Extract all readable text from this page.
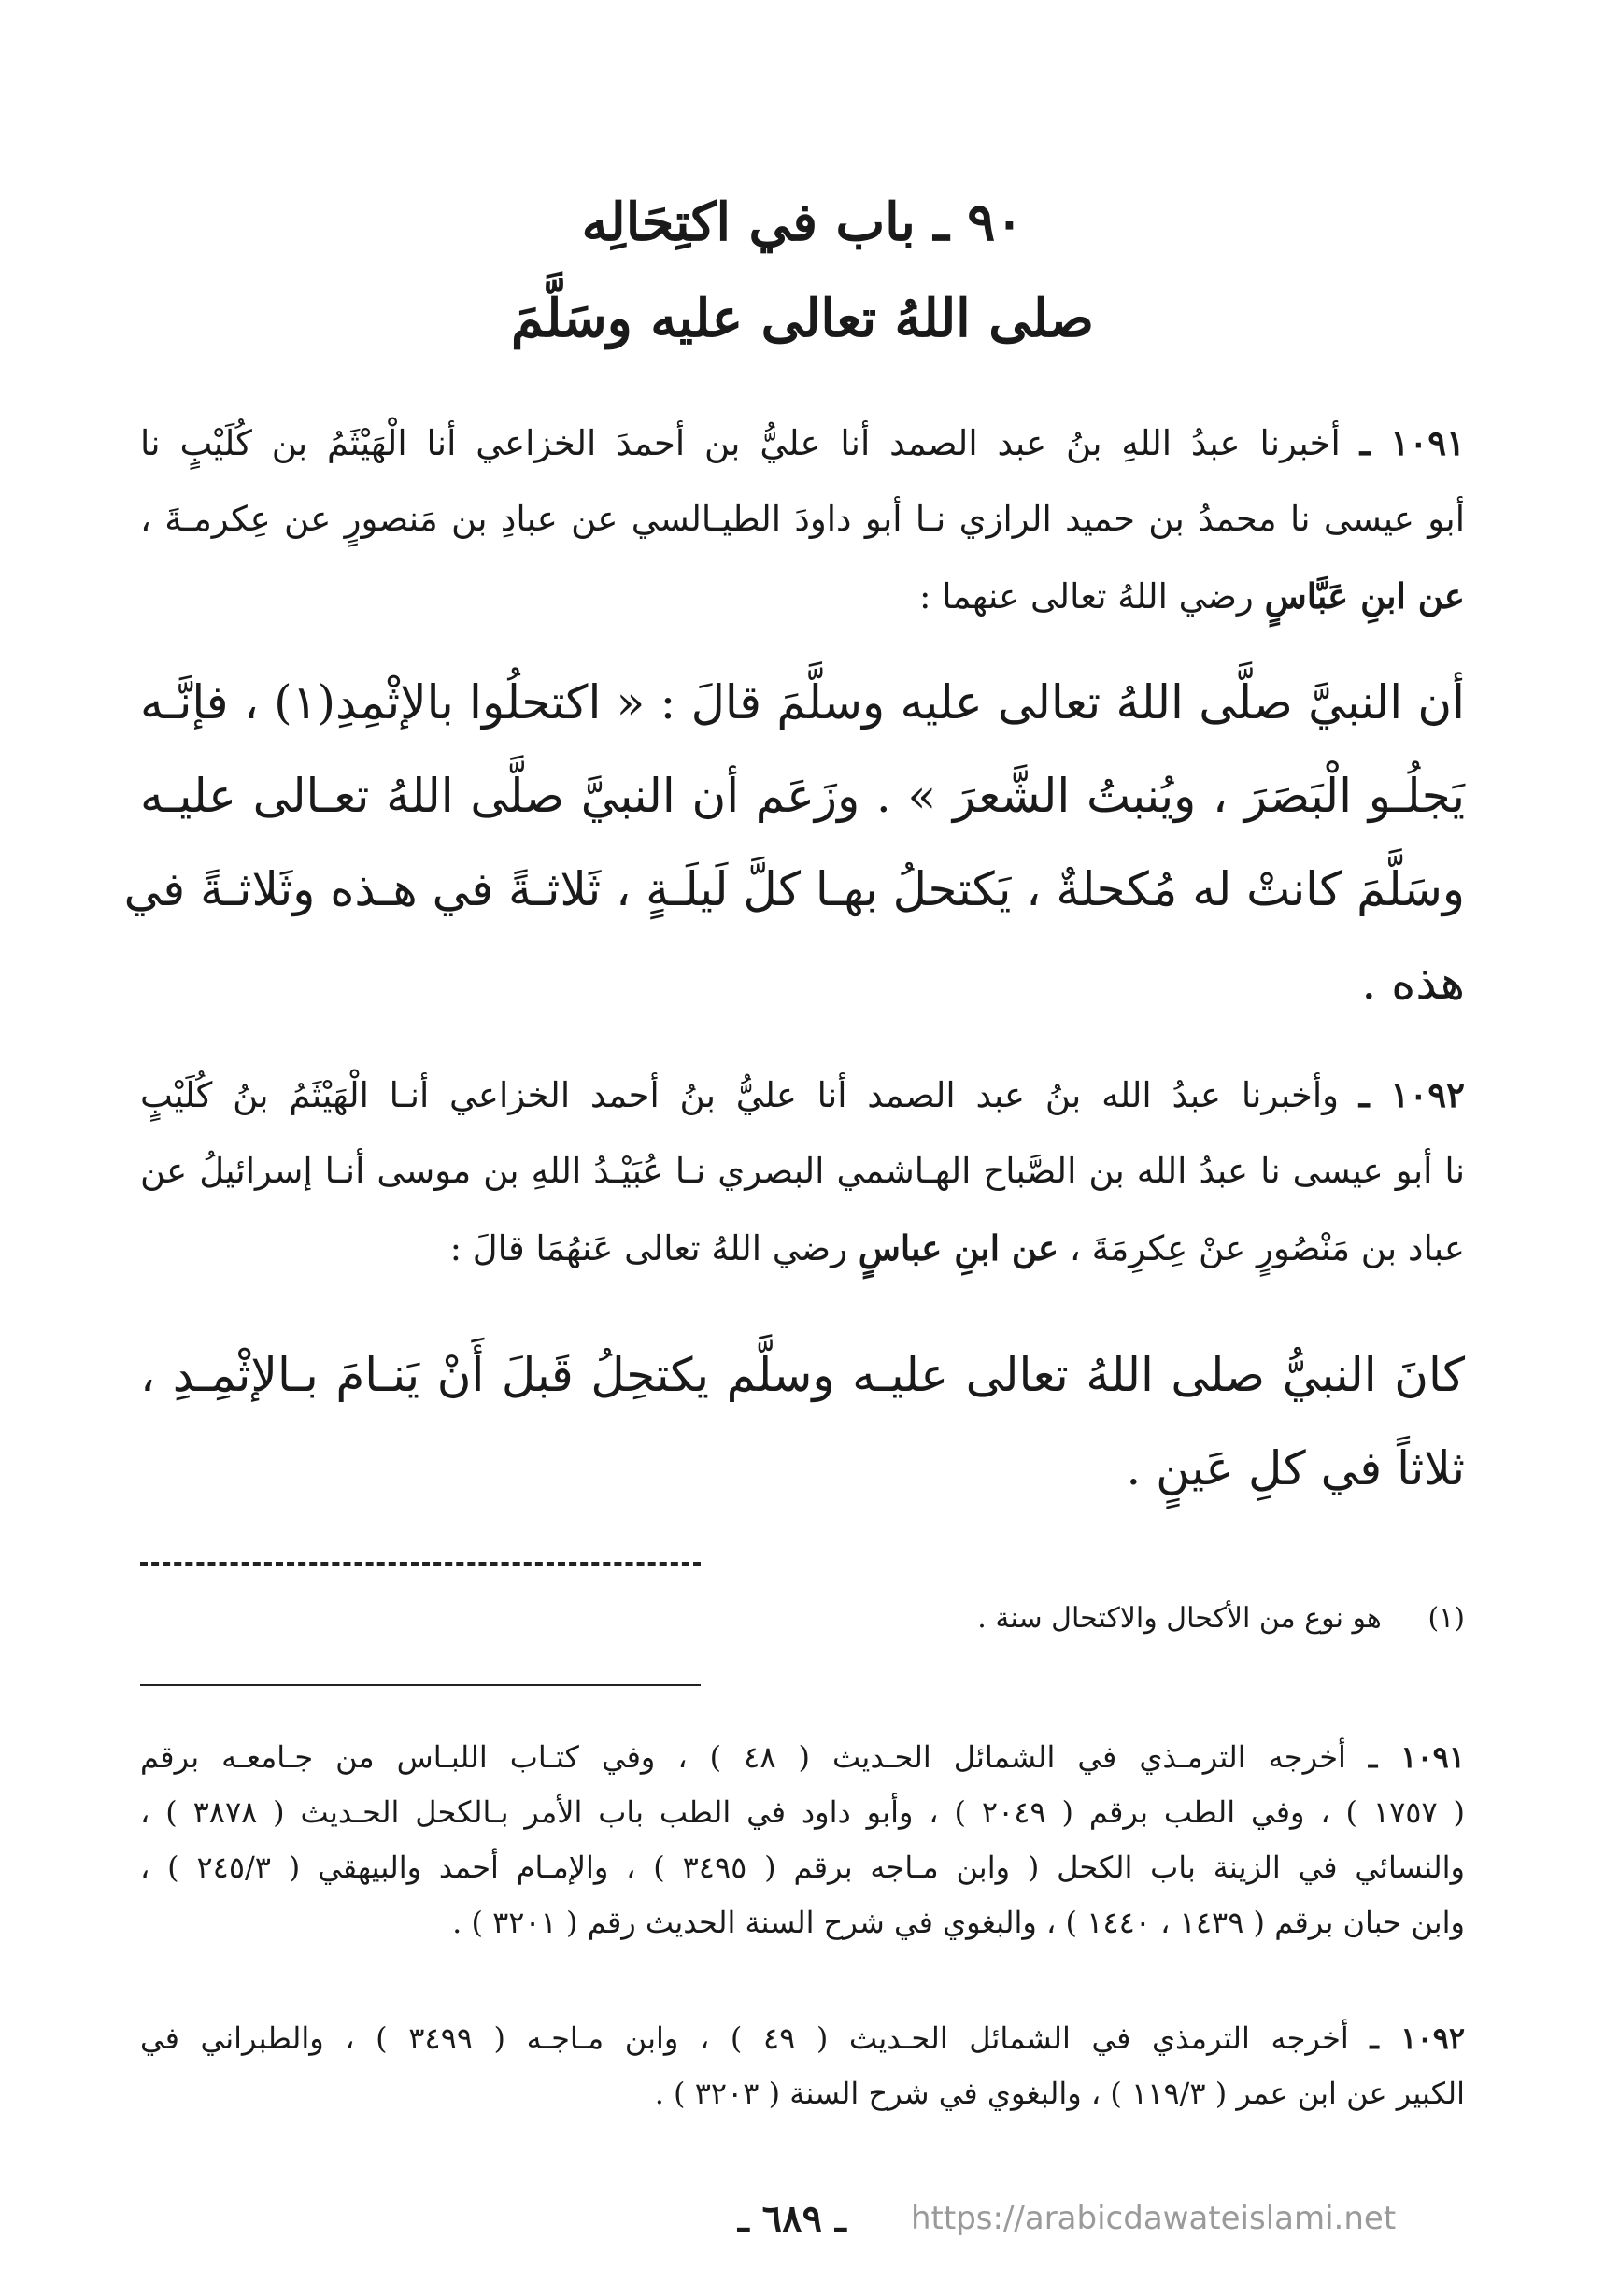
٩٠ ـ باب في اكتِحَالِه
صلى اللهُ تعالى عليه وسَلَّمَ
١٠٩١ ـ أخبرنا عبدُ اللهِ بنُ عبد الصمد أنا عليُّ بن أحمدَ الخزاعي أنا الْهَيْثَمُ بن كُلَيْبٍ نا
أبو عيسى نا محمدُ بن حميد الرازي نـا أبو داودَ الطيـالسي عن عبادِ بن مَنصورٍ عن عِكرمـةَ ،
عن ابنِ عَبَّاسٍ رضي اللهُ تعالى عنهما :
أن النبيَّ صلَّى اللهُ تعالى عليه وسلَّمَ قالَ : « اكتحلُوا بالإثْمِدِ(١) ، فإنَّـه
يَجلُـو الْبَصَرَ ، ويُنبتُ الشَّعرَ » . وزَعَم أن النبيَّ صلَّى اللهُ تعـالى عليـه
وسَلَّمَ كانتْ له مُكحلةٌ ، يَكتحلُ بهـا كلَّ لَيلَـةٍ ، ثَلاثـةً في هـذه وثَلاثـةً في
هذه .
١٠٩٢ ـ وأخبرنا عبدُ الله بنُ عبد الصمد أنا عليُّ بنُ أحمد الخزاعي أنـا الْهَيْثَمُ بنُ كُلَيْبٍ
نا أبو عيسى نا عبدُ الله بن الصَّباح الهـاشمي البصري نـا عُبَيْـدُ اللهِ بن موسى أنـا إسرائيلُ عن
عباد بن مَنْصُورٍ عنْ عِكرِمَةَ ، عن ابنِ عباسٍ رضي اللهُ تعالى عَنهُمَا قالَ :
كانَ النبيُّ صلى اللهُ تعالى عليـه وسلَّم يكتحِلُ قَبلَ أَنْ يَنـامَ بـالإثْمِـدِ ،
ثلاثاً في كلِ عَينٍ .
(١) هو نوع من الأكحال والاكتحال سنة .
١٠٩١ ـ أخرجه الترمـذي في الشمائل الحـديث ( ٤٨ ) ، وفي كتـاب اللبـاس من جـامعـه برقم
( ١٧٥٧ ) ، وفي الطب برقم ( ٢٠٤٩ ) ، وأبو داود في الطب باب الأمر بـالكحل الحـديث ( ٣٨٧٨ ) ،
والنسائي في الزينة باب الكحل ( وابن مـاجه برقم ( ٣٤٩٥ ) ، والإمـام أحمد والبيهقي ( ٢٤٥/٣ ) ،
وابن حبان برقم ( ١٤٣٩ ، ١٤٤٠ ) ، والبغوي في شرح السنة الحديث رقم ( ٣٢٠١ ) .
١٠٩٢ ـ أخرجه الترمذي في الشمائل الحـديث ( ٤٩ ) ، وابن مـاجـه ( ٣٤٩٩ ) ، والطبراني في
الكبير عن ابن عمر ( ١١٩/٣ ) ، والبغوي في شرح السنة ( ٣٢٠٣ ) .
ـ ٦٨٩ ـ https://arabicdawateislami.net
